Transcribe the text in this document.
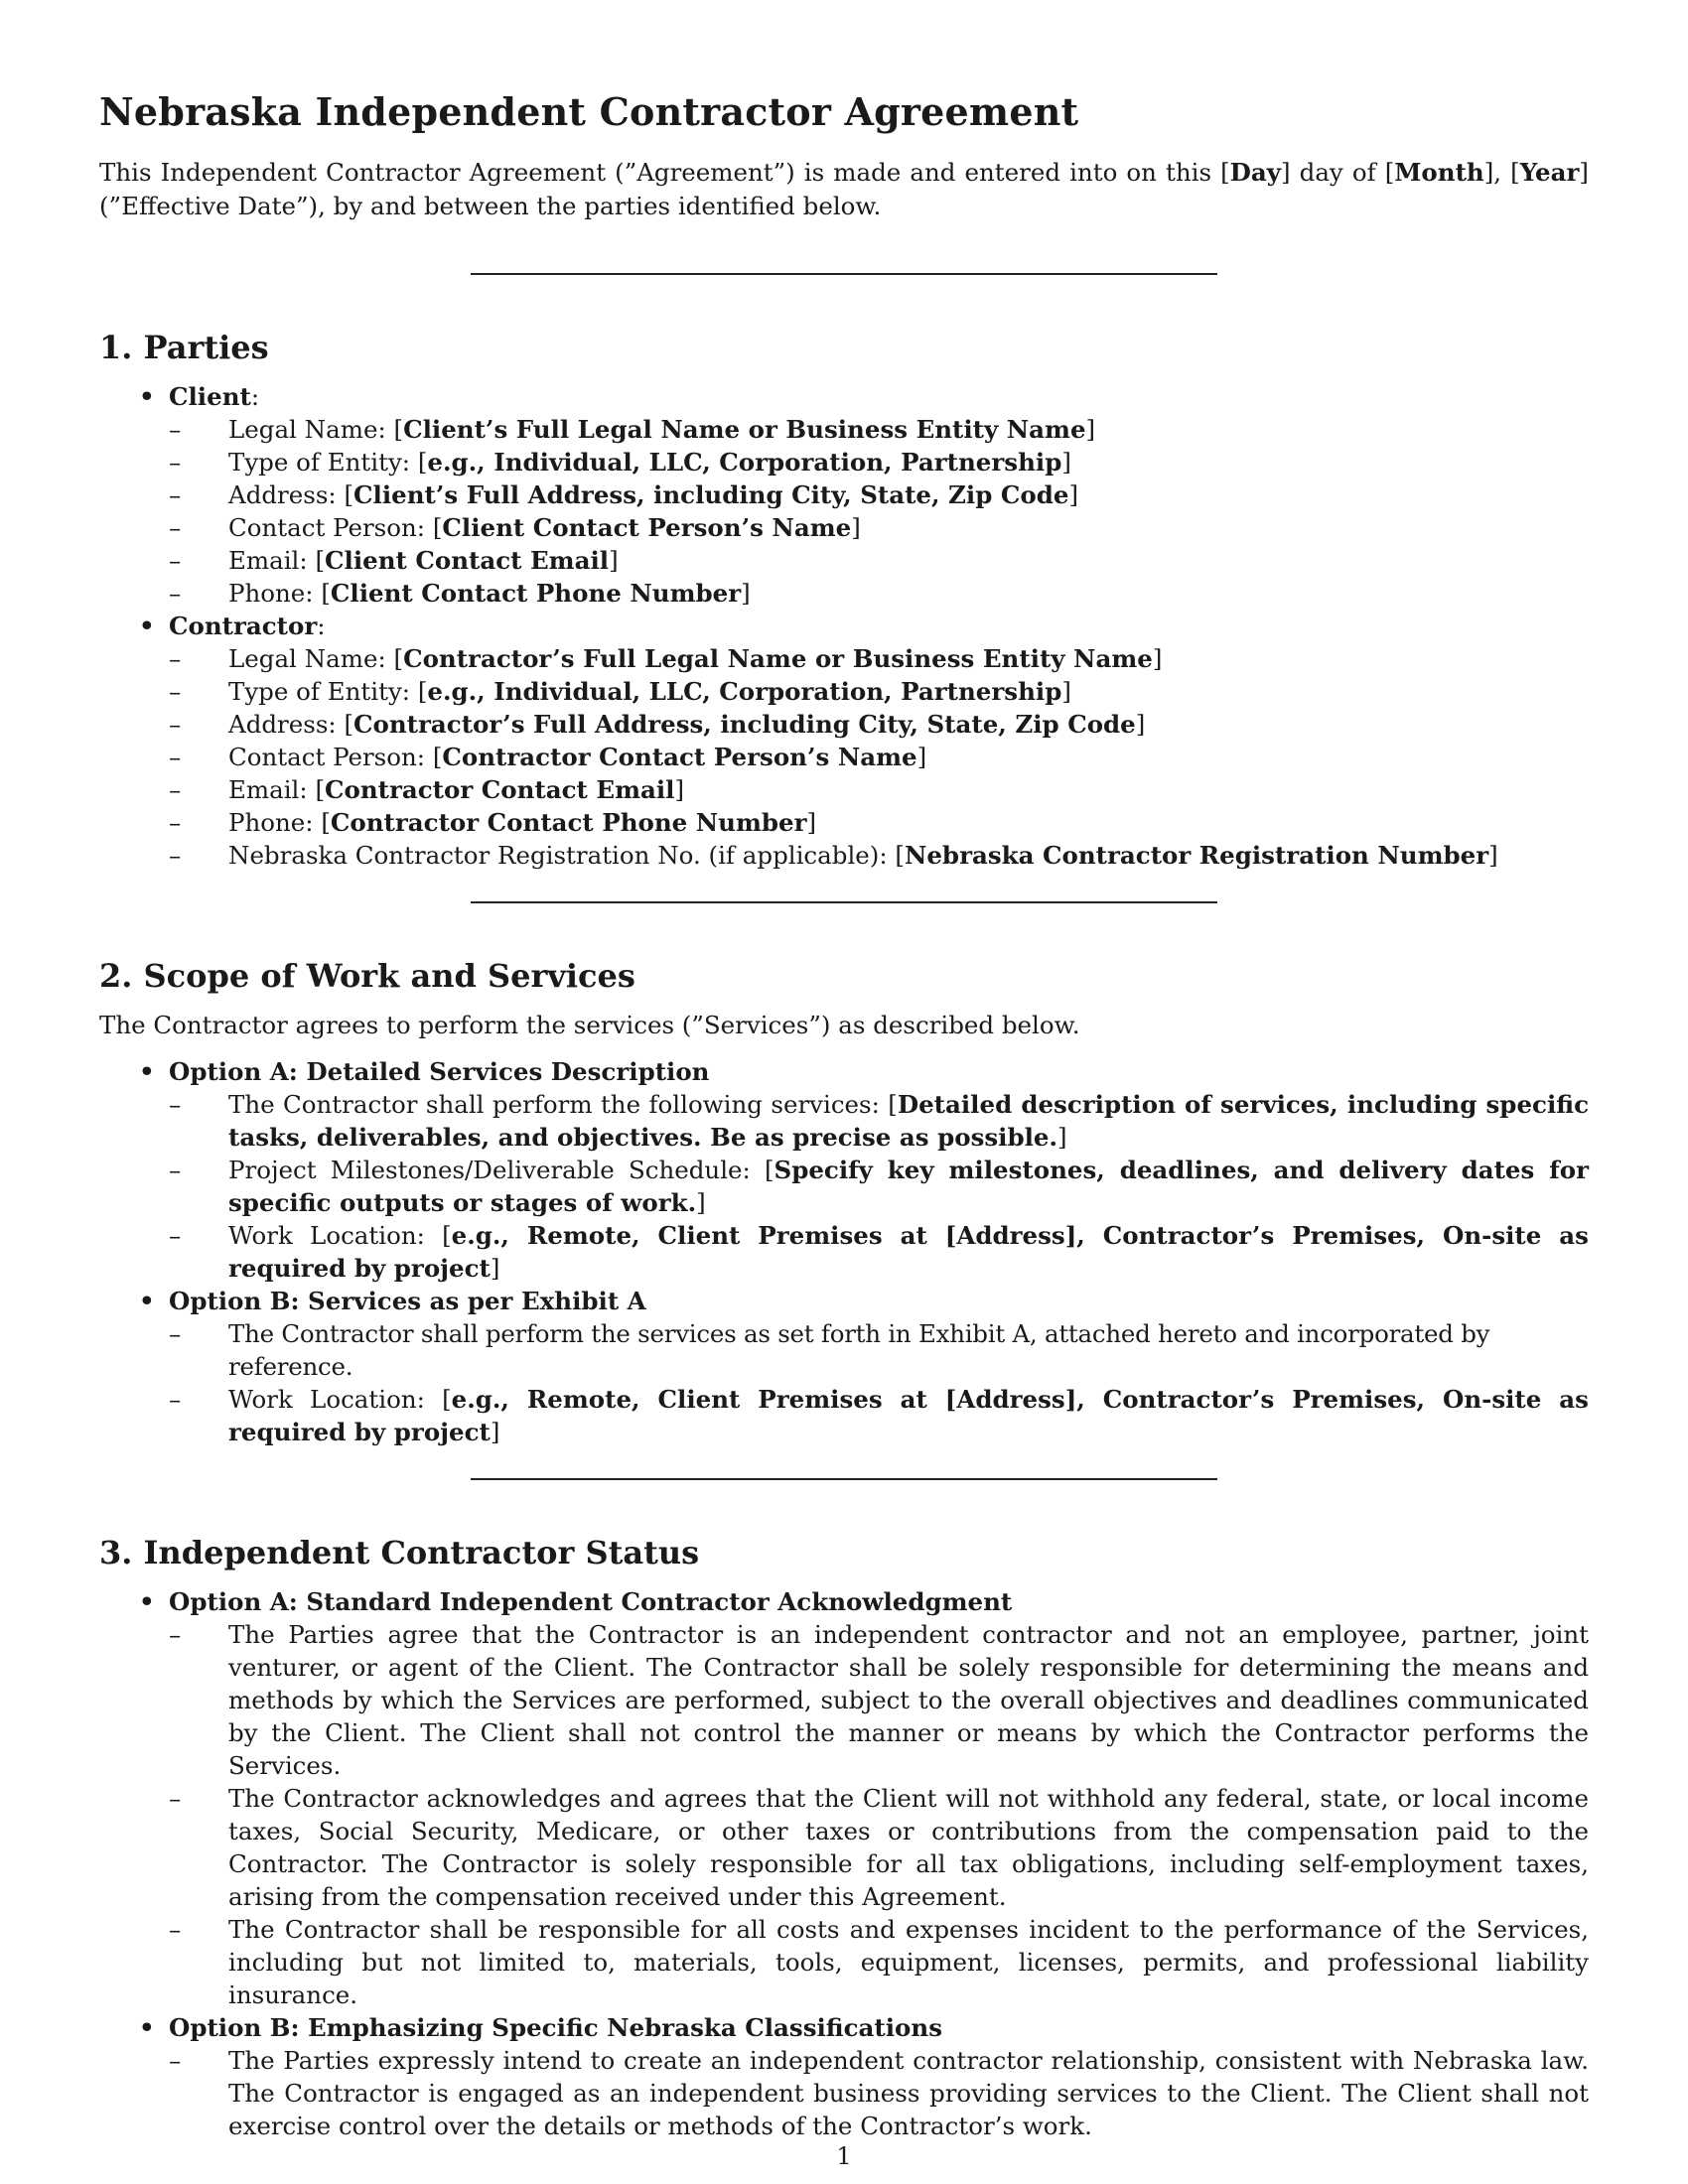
Nebraska Independent Contractor Agreement

This Independent Contractor Agreement (”Agreement”) is made and entered into on this [Day] day of [Month], [Year] (”Effective Date”), by and between the parties identified below.

1. Parties
• Client:
–	Legal Name: [Client’s Full Legal Name or Business Entity Name]
–	Type of Entity: [e.g., Individual, LLC, Corporation, Partnership]
–	Address: [Client’s Full Address, including City, State, Zip Code]
–	Contact Person: [Client Contact Person’s Name]
–	Email: [Client Contact Email]
–	Phone: [Client Contact Phone Number]
• Contractor:
–	Legal Name: [Contractor’s Full Legal Name or Business Entity Name]
–	Type of Entity: [e.g., Individual, LLC, Corporation, Partnership]
–	Address: [Contractor’s Full Address, including City, State, Zip Code]
–	Contact Person: [Contractor Contact Person’s Name]
–	Email: [Contractor Contact Email]
–	Phone: [Contractor Contact Phone Number]
–	Nebraska Contractor Registration No. (if applicable): [Nebraska Contractor Registration Number]
2. Scope of Work and Services

The Contractor agrees to perform the services (”Services”) as described below.

• Option A: Detailed Services Description
–	The Contractor shall perform the following services: [Detailed description of services, including specific tasks, deliverables, and objectives. Be as precise as possible.]
–	Project Milestones/Deliverable Schedule: [Specify key milestones, deadlines, and delivery dates for specific outputs or stages of work.]
–	Work Location: [e.g., Remote, Client Premises at [Address], Contractor’s Premises, On-site as required by project]
• Option B: Services as per Exhibit A
–	The Contractor shall perform the services as set forth in Exhibit A, attached hereto and incorporated by reference.
–	Work Location: [e.g., Remote, Client Premises at [Address], Contractor’s Premises, On-site as required by project]
3. Independent Contractor Status
• Option A: Standard Independent Contractor Acknowledgment
–	The Parties agree that the Contractor is an independent contractor and not an employee, partner, joint venturer, or agent of the Client. The Contractor shall be solely responsible for determining the means and methods by which the Services are performed, subject to the overall objectives and deadlines communicated by the Client. The Client shall not control the manner or means by which the Contractor performs the Services.
–	The Contractor acknowledges and agrees that the Client will not withhold any federal, state, or local income taxes, Social Security, Medicare, or other taxes or contributions from the compensation paid to the Contractor. The Contractor is solely responsible for all tax obligations, including self-employment taxes, arising from the compensation received under this Agreement.
–	The Contractor shall be responsible for all costs and expenses incident to the performance of the Services, including but not limited to, materials, tools, equipment, licenses, permits, and professional liability insurance.
• Option B: Emphasizing Specific Nebraska Classifications
–	The Parties expressly intend to create an independent contractor relationship, consistent with Nebraska law. The Contractor is engaged as an independent business providing services to the Client. The Client shall not exercise control over the details or methods of the Contractor’s work.
1
